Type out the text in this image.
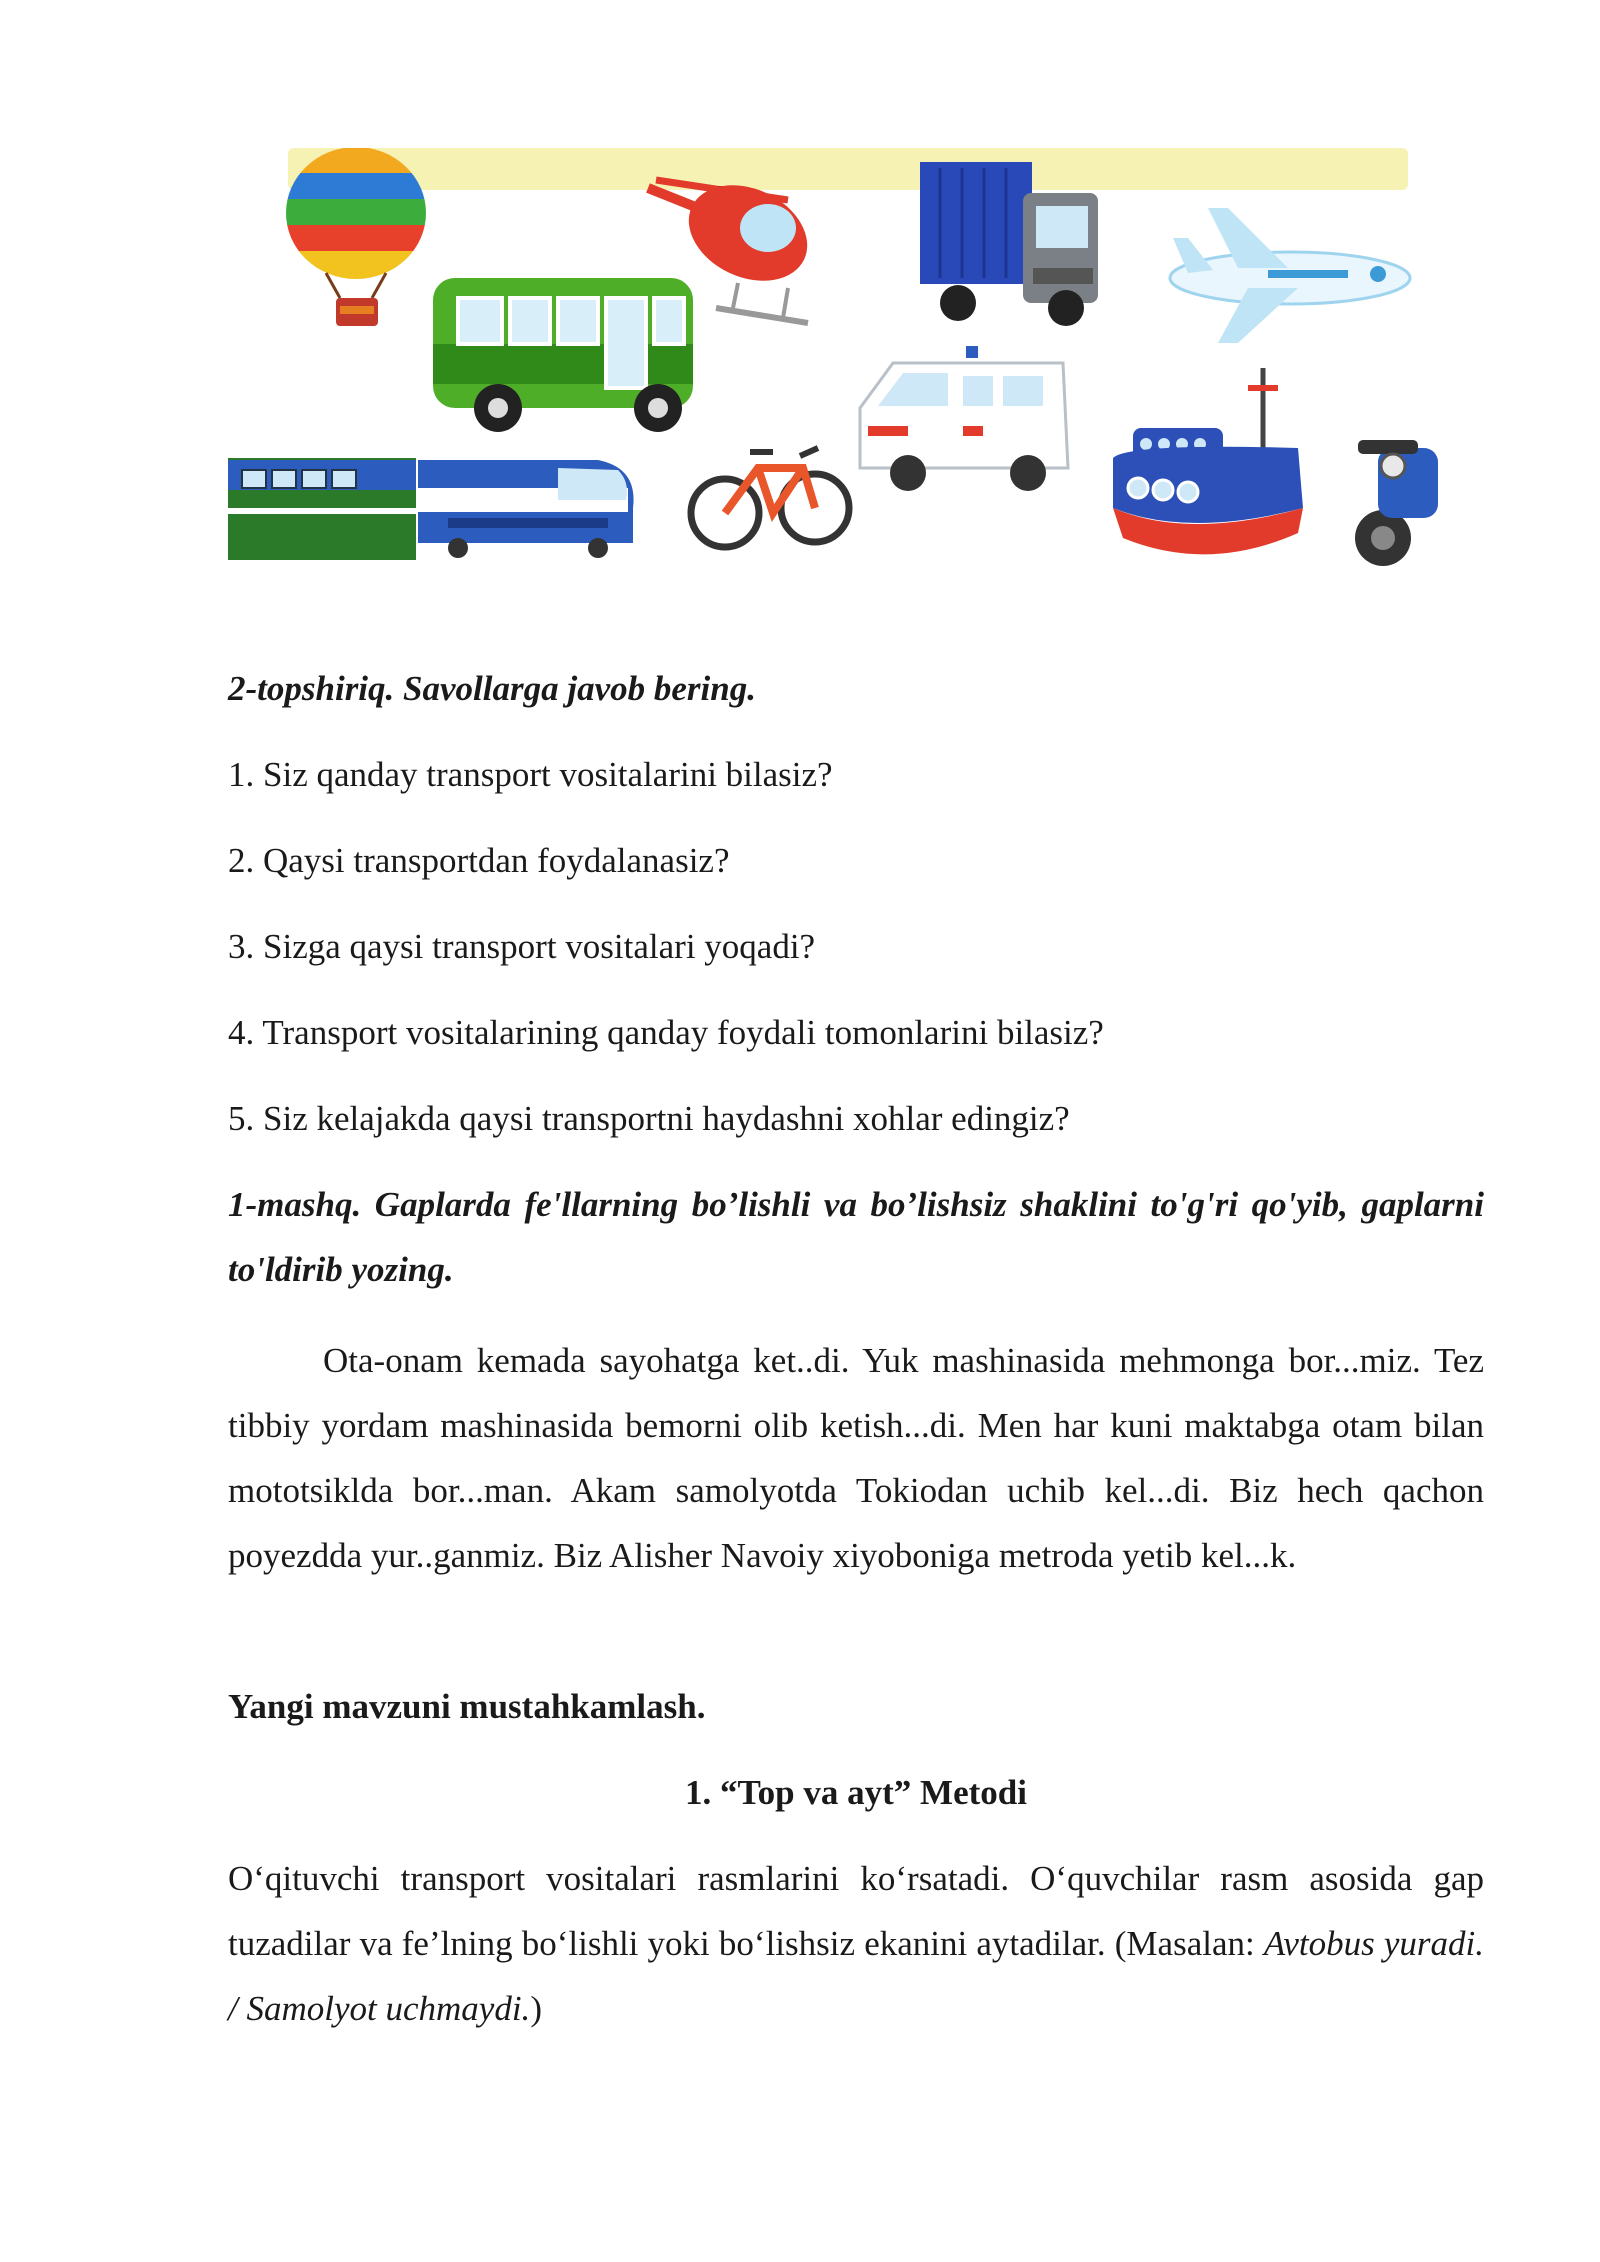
20
2-topshiriq. Savollarga javob bering.
1. Siz qanday transport vositalarini bilasiz?
2. Qaysi transportdan foydalanasiz?
3. Sizga qaysi transport vositalari yoqadi?
4. Transport vositalarining qanday foydali tomonlarini bilasiz?
5. Siz kelajakda qaysi transportni haydashni xohlar edingiz?
1-mashq. Gaplarda fe'llarning bo’lishli va bo’lishsiz shaklini to'g'ri qo'yib, gaplarni to'ldirib yozing.
Ota-onam kemada sayohatga ket..di. Yuk mashinasida mehmonga bor...miz. Tez tibbiy yordam mashinasida bemorni olib ketish...di. Men har kuni maktabga otam bilan mototsiklda bor...man. Akam samolyotda Tokiodan uchib kel...di. Biz hech qachon poyezdda yur..ganmiz. Biz Alisher Navoiy xiyoboniga metroda yetib kel...k.
Yangi mavzuni mustahkamlash.
1. “Top va ayt” Metodi
O‘qituvchi transport vositalari rasmlarini ko‘rsatadi. O‘quvchilar rasm asosida gap tuzadilar va fe’lning bo‘lishli yoki bo‘lishsiz ekanini aytadilar. (Masalan: Avtobus yuradi. / Samolyot uchmaydi.)
